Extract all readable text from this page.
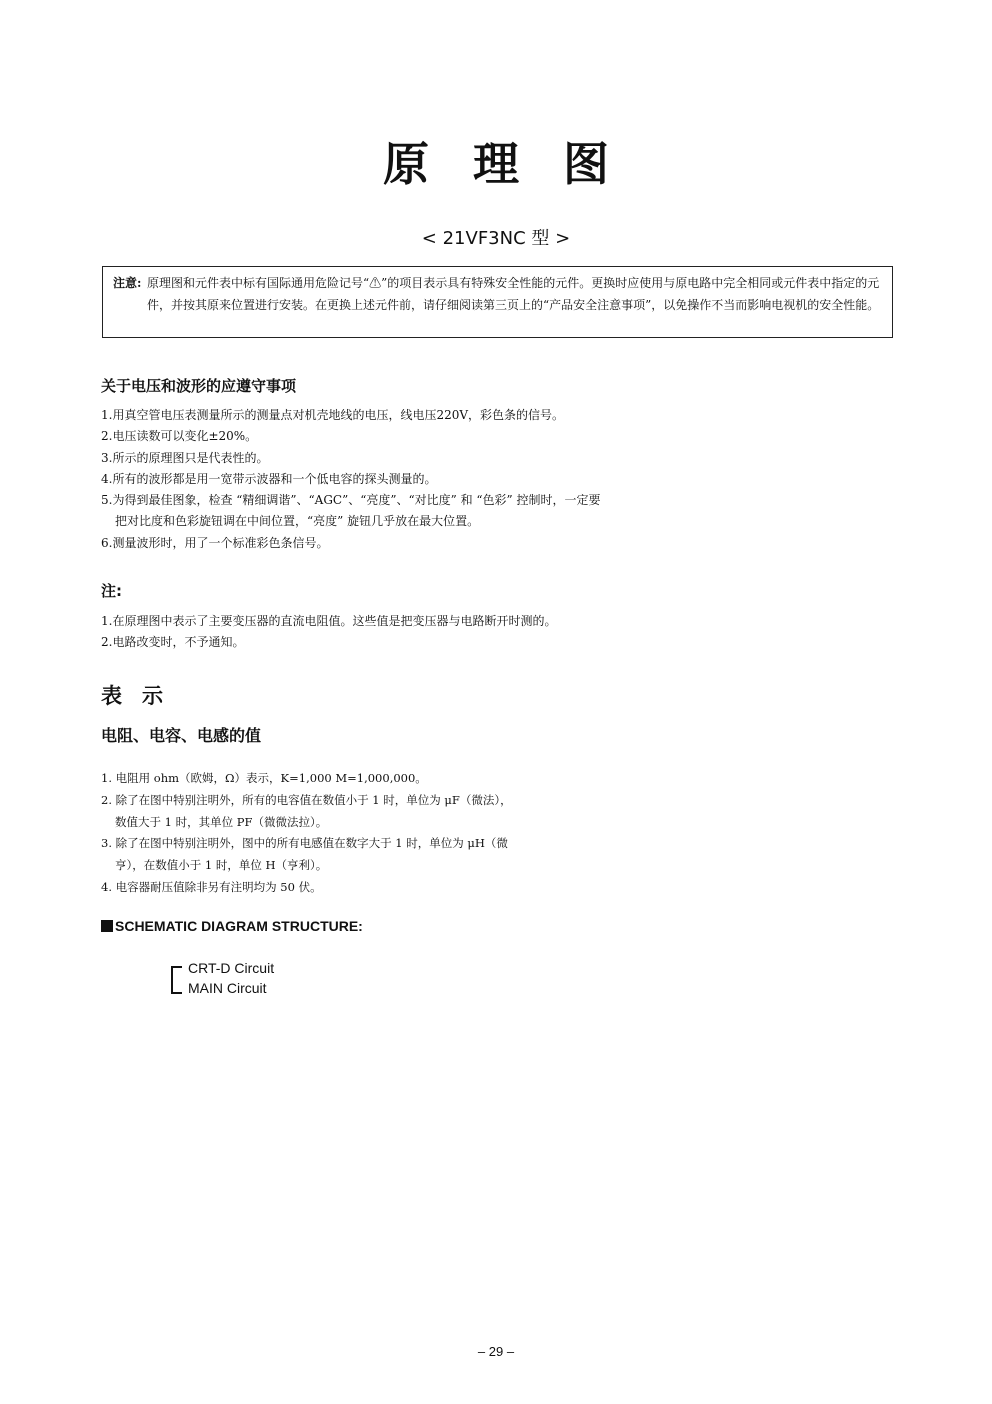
原理图
< 21VF3NC 型 >
注意: 原理图和元件表中标有国际通用危险记号“⚠”的项目表示具有特殊安全性能的元件。更换时应使用与原电路中完全相同或元件表中指定的元件，并按其原来位置进行安装。在更换上述元件前，请仔细阅读第三页上的“产品安全注意事项”，以免操作不当而影响电视机的安全性能。
关于电压和波形的应遵守事项
1.用真空管电压表测量所示的测量点对机壳地线的电压，线电压220V，彩色条的信号。
2.电压读数可以变化±20%。
3.所示的原理图只是代表性的。
4.所有的波形都是用一宽带示波器和一个低电容的探头测量的。
5.为得到最佳图象，检查 “精细调谐”、“AGC”、“亮度”、“对比度” 和 “色彩” 控制时，一定要
把对比度和色彩旋钮调在中间位置，“亮度” 旋钮几乎放在最大位置。
6.测量波形时，用了一个标准彩色条信号。
注:
1.在原理图中表示了主要变压器的直流电阻值。这些值是把变压器与电路断开时测的。
2.电路改变时，不予通知。
表示
电阻、电容、电感的值
1. 电阻用 ohm（欧姆，Ω）表示，K=1,000 M=1,000,000。
2. 除了在图中特别注明外，所有的电容值在数值小于 1 时，单位为 μF（微法），
数值大于 1 时，其单位 PF（微微法拉）。
3. 除了在图中特别注明外，图中的所有电感值在数字大于 1 时，单位为 μH（微
亨），在数值小于 1 时，单位 H（亨利）。
4. 电容器耐压值除非另有注明均为 50 伏。
SCHEMATIC DIAGRAM STRUCTURE:
CRT-D Circuit
MAIN Circuit
– 29 –
